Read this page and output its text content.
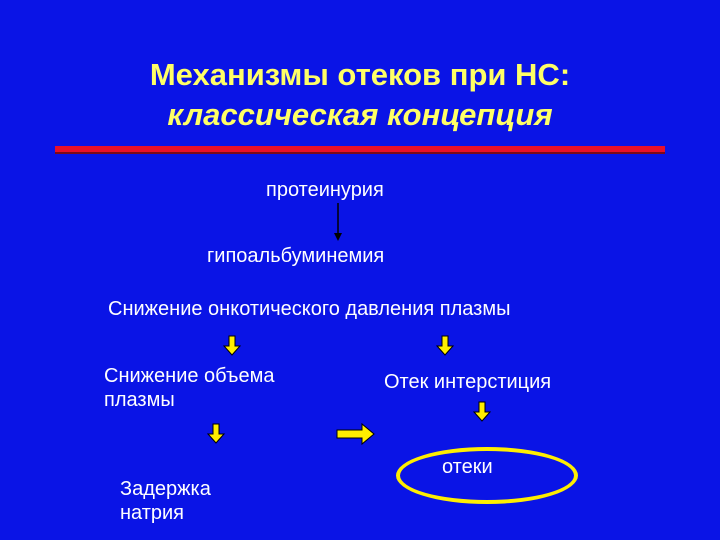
Механизмы отеков при НС:
классическая концепция
протеинурия
гипоальбуминемия
Снижение онкотического давления плазмы
Снижение объема
плазмы
Отек интерстиция
Задержка
натрия
отеки
